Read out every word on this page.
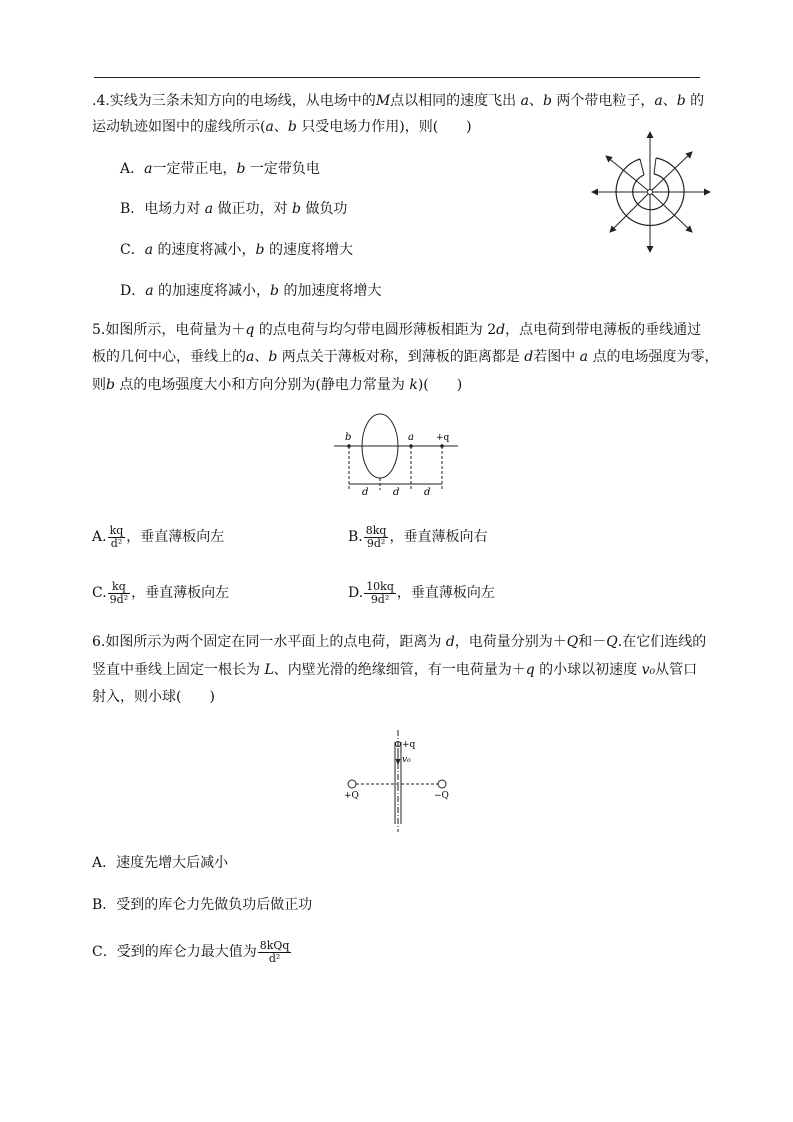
.4.实线为三条未知方向的电场线，从电场中的M点以相同的速度飞出 a、b 两个带电粒子，a、b 的
运动轨迹如图中的虚线所示(a、b 只受电场力作用)，则(　　)
A．a一定带正电，b 一定带负电
B．电场力对 a 做正功，对 b 做负功
C．a 的速度将减小，b 的速度将增大
D．a 的加速度将减小，b 的加速度将增大
5.如图所示，电荷量为＋q 的点电荷与均匀带电圆形薄板相距为 2d，点电荷到带电薄板的垂线通过
板的几何中心，垂线上的a、b 两点关于薄板对称，到薄板的距离都是 d若图中 a 点的电场强度为零，
则b 点的电场强度大小和方向分别为(静电力常量为 k)(　　)
b	a +q
d d d
A. $\frac{kq}{\text{d²}}$ ，垂直薄板向左	B. $\frac{8kq}{\text{9d²}}$ ，垂直薄板向右
C. $\frac{kq}{\text{9d²}}$ ，垂直薄板向左	D. $\frac{10kq}{\text{9d²}}$ ，垂直薄板向左
6.如图所示为两个固定在同一水平面上的点电荷，距离为 d，电荷量分别为＋Q和－Q.在它们连线的
竖直中垂线上固定一根长为 L、内壁光滑的绝缘细管，有一电荷量为＋q 的小球以初速度 v₀从管口
射入，则小球(　　)
+q
v₀
+Q	−Q
A．速度先增大后减小
B．受到的库仑力先做负功后做正功
C．受到的库仑力最大值为 $\frac{\text{8kQq}}{\text{d²}}$
